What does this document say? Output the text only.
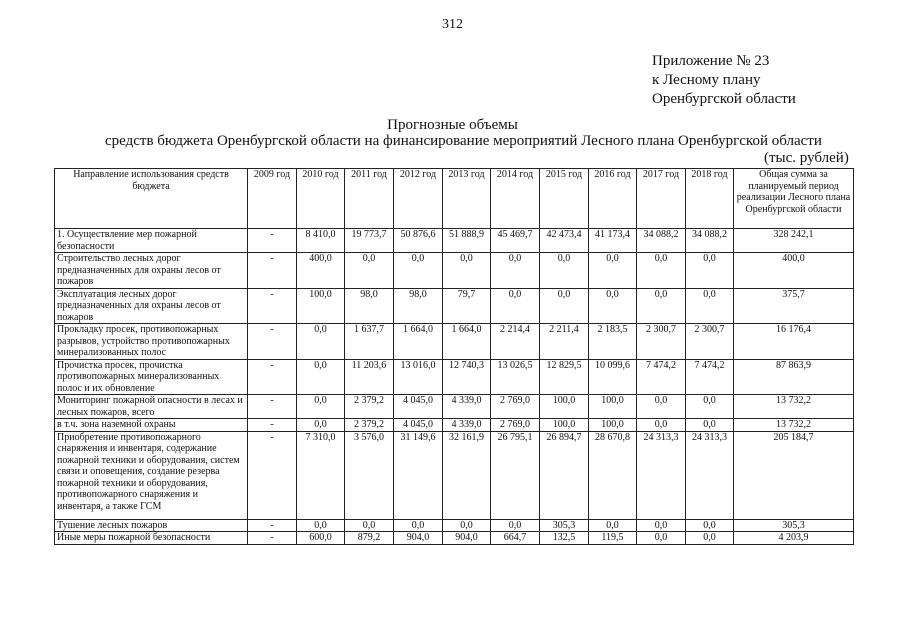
312
Приложение № 23
к Лесному плану
Оренбургской области
Прогнозные объемы
средств бюджета Оренбургской области на финансирование мероприятий Лесного плана Оренбургской области
(тыс. рублей)
Направление использования средств бюджета	2009 год	2010 год	2011 год	2012 год	2013 год	2014 год	2015 год	2016 год	2017 год	2018 год	Общая сумма за планируемый период реализации Лесного плана Оренбургской области
1. Осуществление мер пожарной безопасности	-	8 410,0	19 773,7	50 876,6	51 888,9	45 469,7	42 473,4	41 173,4	34 088,2	34 088,2	328 242,1
Строительство лесных дорог предназначенных для охраны лесов от пожаров	-	400,0	0,0	0,0	0,0	0,0	0,0	0,0	0,0	0,0	400,0
Эксплуатация лесных дорог предназначенных для охраны лесов от пожаров	-	100,0	98,0	98,0	79,7	0,0	0,0	0,0	0,0	0,0	375,7
Прокладку просек, противопожарных разрывов, устройство противопожарных минерализованных полос	-	0,0	1 637,7	1 664,0	1 664,0	2 214,4	2 211,4	2 183,5	2 300,7	2 300,7	16 176,4
Прочистка просек, прочистка противопожарных минерализованных полос и их обновление	-	0,0	11 203,6	13 016,0	12 740,3	13 026,5	12 829,5	10 099,6	7 474,2	7 474,2	87 863,9
Мониторинг пожарной опасности в лесах и лесных пожаров, всего	-	0,0	2 379,2	4 045,0	4 339,0	2 769,0	100,0	100,0	0,0	0,0	13 732,2
в т.ч. зона наземной охраны	-	0,0	2 379,2	4 045,0	4 339,0	2 769,0	100,0	100,0	0,0	0,0	13 732,2
Приобретение противопожарного снаряжения и инвентаря, содержание пожарной техники и оборудования, систем связи и оповещения, создание резерва пожарной техники и оборудования, противопожарного снаряжения и инвентаря, а также ГСМ	-	7 310,0	3 576,0	31 149,6	32 161,9	26 795,1	26 894,7	28 670,8	24 313,3	24 313,3	205 184,7
Тушение лесных пожаров	-	0,0	0,0	0,0	0,0	0,0	305,3	0,0	0,0	0,0	305,3
Иные меры пожарной безопасности	-	600,0	879,2	904,0	904,0	664,7	132,5	119,5	0,0	0,0	4 203,9
